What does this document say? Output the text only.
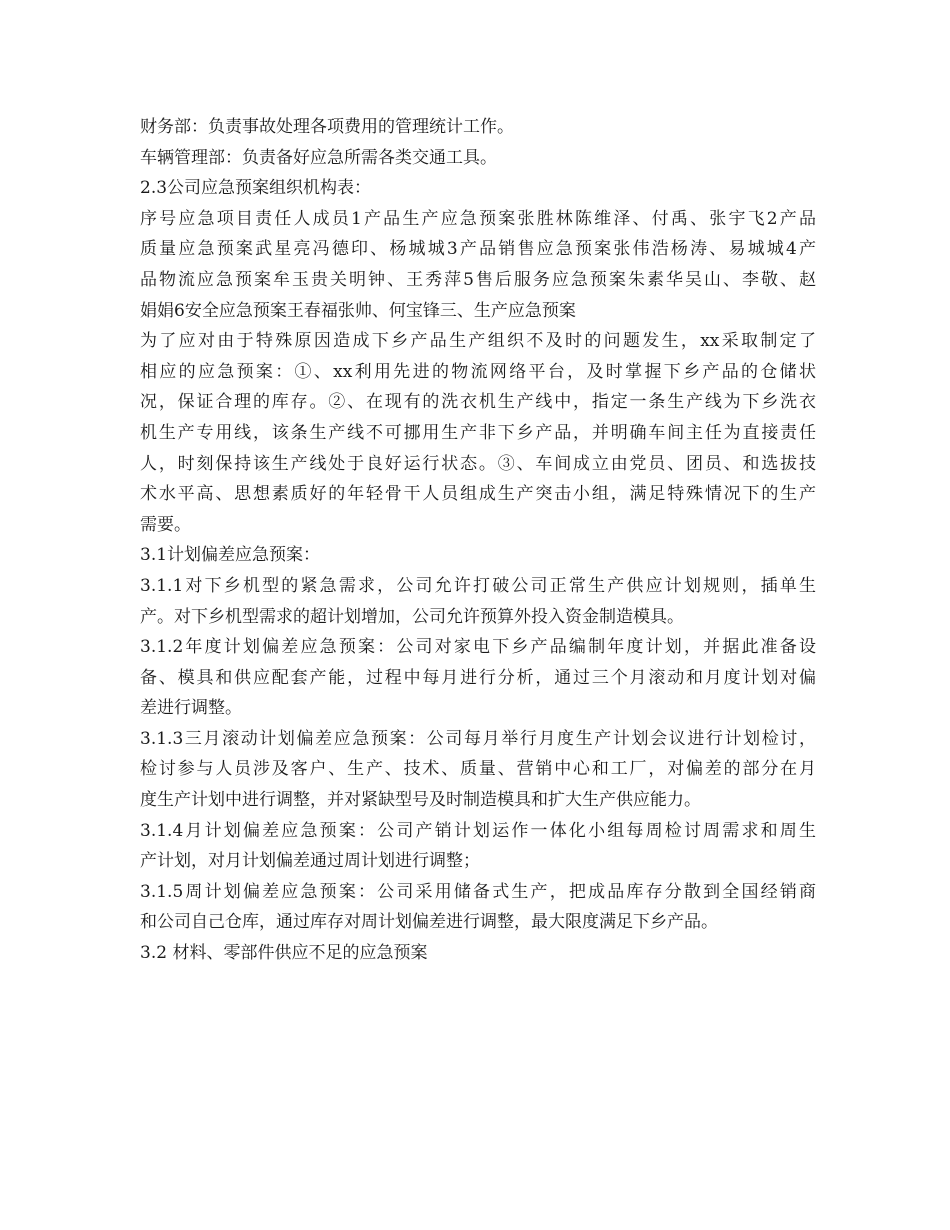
财务部：负责事故处理各项费用的管理统计工作。
车辆管理部：负责备好应急所需各类交通工具。
2.3公司应急预案组织机构表：
序号应急项目责任人成员1产品生产应急预案张胜林陈维泽、付禹、张宇飞2产品
质量应急预案武星亮冯德印、杨城城3产品销售应急预案张伟浩杨涛、易城城4产
品物流应急预案牟玉贵关明钟、王秀萍5售后服务应急预案朱素华吴山、李敬、赵
娟娟6安全应急预案王春福张帅、何宝锋三、生产应急预案
为了应对由于特殊原因造成下乡产品生产组织不及时的问题发生，xx采取制定了
相应的应急预案：①、xx利用先进的物流网络平台，及时掌握下乡产品的仓储状
况，保证合理的库存。②、在现有的洗衣机生产线中，指定一条生产线为下乡洗衣
机生产专用线，该条生产线不可挪用生产非下乡产品，并明确车间主任为直接责任
人，时刻保持该生产线处于良好运行状态。③、车间成立由党员、团员、和选拔技
术水平高、思想素质好的年轻骨干人员组成生产突击小组，满足特殊情况下的生产
需要。
3.1计划偏差应急预案：
3.1.1对下乡机型的紧急需求，公司允许打破公司正常生产供应计划规则，插单生
产。对下乡机型需求的超计划增加，公司允许预算外投入资金制造模具。
3.1.2年度计划偏差应急预案：公司对家电下乡产品编制年度计划，并据此准备设
备、模具和供应配套产能，过程中每月进行分析，通过三个月滚动和月度计划对偏
差进行调整。
3.1.3三月滚动计划偏差应急预案：公司每月举行月度生产计划会议进行计划检讨，
检讨参与人员涉及客户、生产、技术、质量、营销中心和工厂，对偏差的部分在月
度生产计划中进行调整，并对紧缺型号及时制造模具和扩大生产供应能力。
3.1.4月计划偏差应急预案：公司产销计划运作一体化小组每周检讨周需求和周生
产计划，对月计划偏差通过周计划进行调整；
3.1.5周计划偏差应急预案：公司采用储备式生产，把成品库存分散到全国经销商
和公司自己仓库，通过库存对周计划偏差进行调整，最大限度满足下乡产品。
3.2 材料、零部件供应不足的应急预案
